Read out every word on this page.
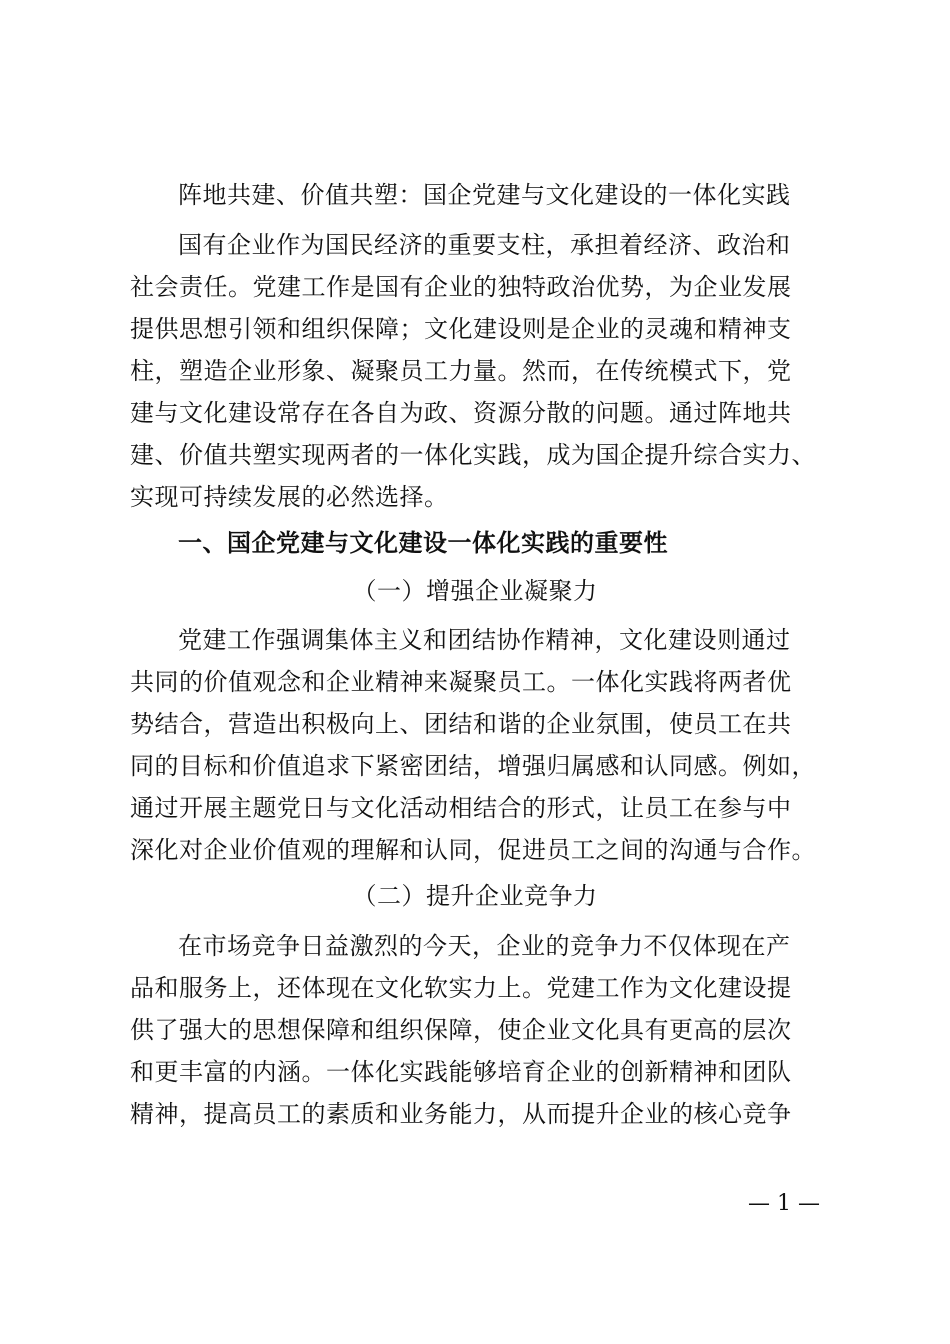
阵地共建、价值共塑：国企党建与文化建设的一体化实践
国有企业作为国民经济的重要支柱，承担着经济、政治和
社会责任。党建工作是国有企业的独特政治优势，为企业发展
提供思想引领和组织保障；文化建设则是企业的灵魂和精神支
柱，塑造企业形象、凝聚员工力量。然而，在传统模式下，党
建与文化建设常存在各自为政、资源分散的问题。通过阵地共
建、价值共塑实现两者的一体化实践，成为国企提升综合实力、
实现可持续发展的必然选择。
一、国企党建与文化建设一体化实践的重要性
（一）增强企业凝聚力
党建工作强调集体主义和团结协作精神，文化建设则通过
共同的价值观念和企业精神来凝聚员工。一体化实践将两者优
势结合，营造出积极向上、团结和谐的企业氛围，使员工在共
同的目标和价值追求下紧密团结，增强归属感和认同感。例如，
通过开展主题党日与文化活动相结合的形式，让员工在参与中
深化对企业价值观的理解和认同，促进员工之间的沟通与合作。
（二）提升企业竞争力
在市场竞争日益激烈的今天，企业的竞争力不仅体现在产
品和服务上，还体现在文化软实力上。党建工作为文化建设提
供了强大的思想保障和组织保障，使企业文化具有更高的层次
和更丰富的内涵。一体化实践能够培育企业的创新精神和团队
精神，提高员工的素质和业务能力，从而提升企业的核心竞争
— 1 —
